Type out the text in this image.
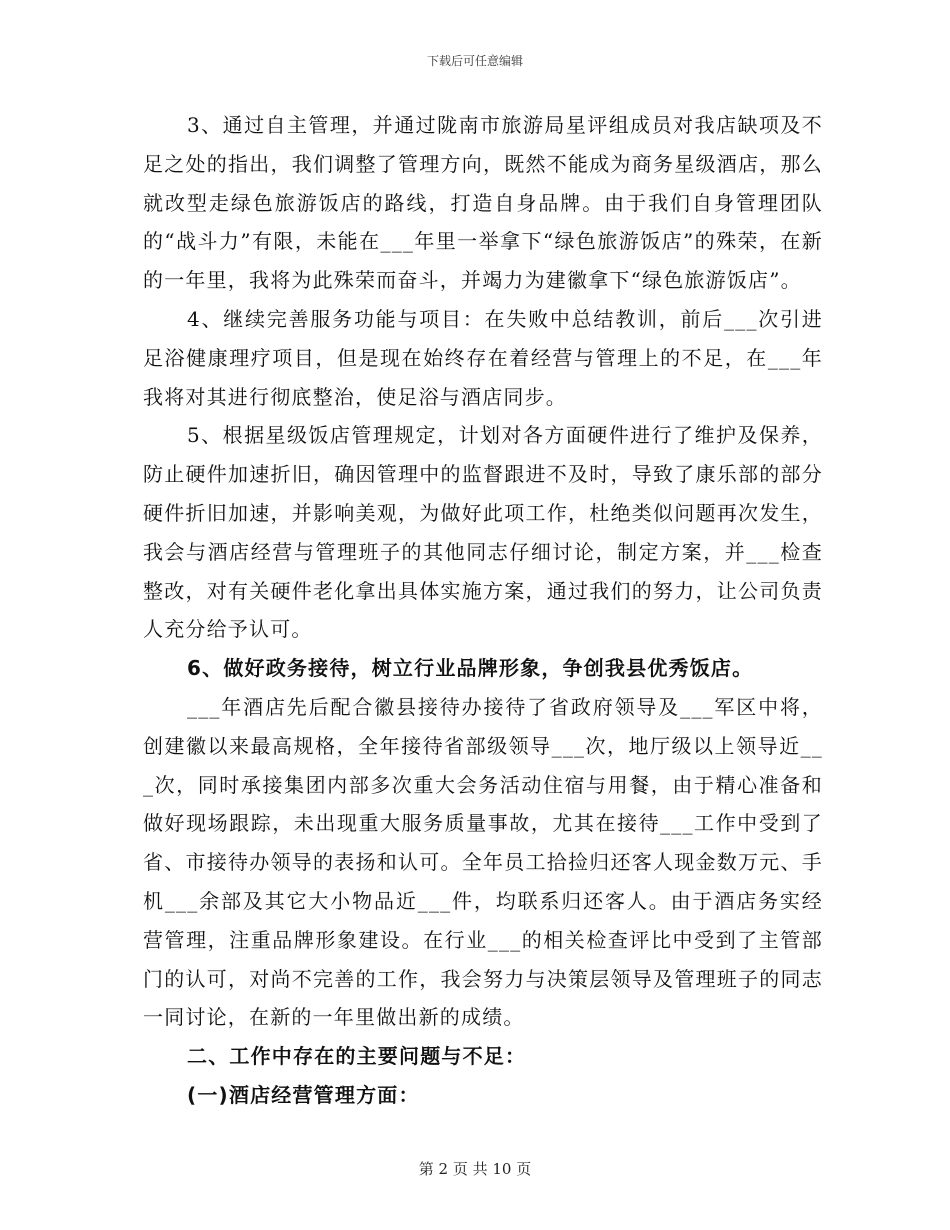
下载后可任意编辑

3、通过自主管理，并通过陇南市旅游局星评组成员对我店缺项及不足之处的指出，我们调整了管理方向，既然不能成为商务星级酒店，那么就改型走绿色旅游饭店的路线，打造自身品牌。由于我们自身管理团队的“战斗力”有限，未能在___年里一举拿下“绿色旅游饭店”的殊荣，在新的一年里，我将为此殊荣而奋斗，并竭力为建徽拿下“绿色旅游饭店”。

4、继续完善服务功能与项目：在失败中总结教训，前后___次引进足浴健康理疗项目，但是现在始终存在着经营与管理上的不足，在___年我将对其进行彻底整治，使足浴与酒店同步。

5、根据星级饭店管理规定，计划对各方面硬件进行了维护及保养，防止硬件加速折旧，确因管理中的监督跟进不及时，导致了康乐部的部分硬件折旧加速，并影响美观，为做好此项工作，杜绝类似问题再次发生，我会与酒店经营与管理班子的其他同志仔细讨论，制定方案，并___检查整改，对有关硬件老化拿出具体实施方案，通过我们的努力，让公司负责人充分给予认可。

6、做好政务接待，树立行业品牌形象，争创我县优秀饭店。

___年酒店先后配合徽县接待办接待了省政府领导及___军区中将，创建徽以来最高规格，全年接待省部级领导___次，地厅级以上领导近___次，同时承接集团内部多次重大会务活动住宿与用餐，由于精心准备和做好现场跟踪，未出现重大服务质量事故，尤其在接待___工作中受到了省、市接待办领导的表扬和认可。全年员工拾捡归还客人现金数万元、手机___余部及其它大小物品近___件，均联系归还客人。由于酒店务实经营管理，注重品牌形象建设。在行业___的相关检查评比中受到了主管部门的认可，对尚不完善的工作，我会努力与决策层领导及管理班子的同志一同讨论，在新的一年里做出新的成绩。

二、工作中存在的主要问题与不足：

(一)酒店经营管理方面：

第 2 页 共 10 页
